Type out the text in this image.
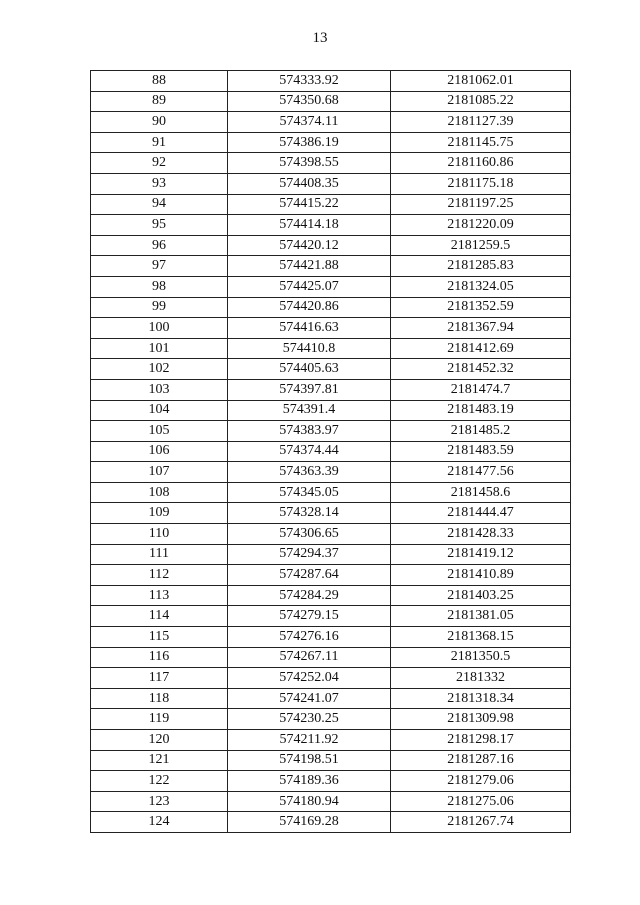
13
88	574333.92	2181062.01
89	574350.68	2181085.22
90	574374.11	2181127.39
91	574386.19	2181145.75
92	574398.55	2181160.86
93	574408.35	2181175.18
94	574415.22	2181197.25
95	574414.18	2181220.09
96	574420.12	2181259.5
97	574421.88	2181285.83
98	574425.07	2181324.05
99	574420.86	2181352.59
100	574416.63	2181367.94
101	574410.8	2181412.69
102	574405.63	2181452.32
103	574397.81	2181474.7
104	574391.4	2181483.19
105	574383.97	2181485.2
106	574374.44	2181483.59
107	574363.39	2181477.56
108	574345.05	2181458.6
109	574328.14	2181444.47
110	574306.65	2181428.33
111	574294.37	2181419.12
112	574287.64	2181410.89
113	574284.29	2181403.25
114	574279.15	2181381.05
115	574276.16	2181368.15
116	574267.11	2181350.5
117	574252.04	2181332
118	574241.07	2181318.34
119	574230.25	2181309.98
120	574211.92	2181298.17
121	574198.51	2181287.16
122	574189.36	2181279.06
123	574180.94	2181275.06
124	574169.28	2181267.74
